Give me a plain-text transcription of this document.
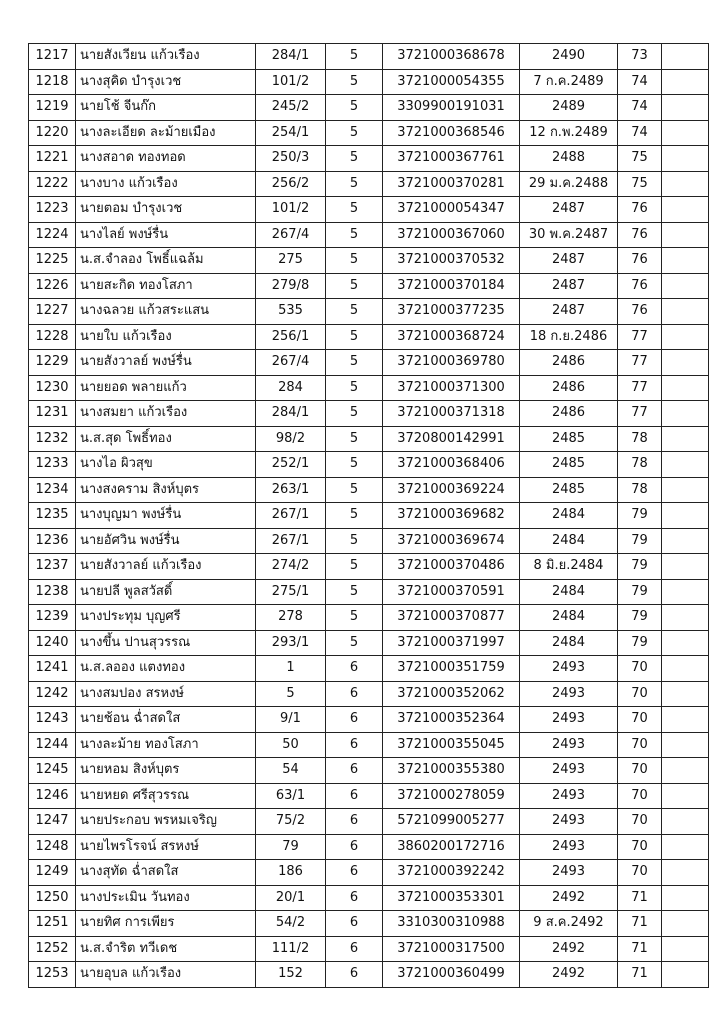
1217	นายสังเวียน แก้วเรือง	284/1	5	3721000368678	2490	73	
1218	นางสุคิด บำรุงเวช	101/2	5	3721000054355	7 ก.ค.2489	74	
1219	นายโช้ จีนก๊ก	245/2	5	3309900191031	2489	74	
1220	นางละเอียด ละม้ายเมือง	254/1	5	3721000368546	12 ก.พ.2489	74	
1221	นางสอาด ทองทอด	250/3	5	3721000367761	2488	75	
1222	นางบาง แก้วเรือง	256/2	5	3721000370281	29 ม.ค.2488	75	
1223	นายตอม บำรุงเวช	101/2	5	3721000054347	2487	76	
1224	นางไลย์ พงษ์รื่น	267/4	5	3721000367060	30 พ.ค.2487	76	
1225	น.ส.จำลอง โพธิ์แฉล้ม	275	5	3721000370532	2487	76	
1226	นายสะกิด ทองโสภา	279/8	5	3721000370184	2487	76	
1227	นางฉลวย แก้วสระแสน	535	5	3721000377235	2487	76	
1228	นายใบ แก้วเรือง	256/1	5	3721000368724	18 ก.ย.2486	77	
1229	นายสังวาลย์ พงษ์รื่น	267/4	5	3721000369780	2486	77	
1230	นายยอด พลายแก้ว	284	5	3721000371300	2486	77	
1231	นางสมยา แก้วเรือง	284/1	5	3721000371318	2486	77	
1232	น.ส.สุด โพธิ์ทอง	98/2	5	3720800142991	2485	78	
1233	นางไอ ผิวสุข	252/1	5	3721000368406	2485	78	
1234	นางสงคราม สิงห์บุตร	263/1	5	3721000369224	2485	78	
1235	นางบุญมา พงษ์รื่น	267/1	5	3721000369682	2484	79	
1236	นายอัศวิน พงษ์รื่น	267/1	5	3721000369674	2484	79	
1237	นายสังวาลย์ แก้วเรือง	274/2	5	3721000370486	8 มิ.ย.2484	79	
1238	นายปลี พูลสวัสดิ์	275/1	5	3721000370591	2484	79	
1239	นางประทุม บุญศรี	278	5	3721000370877	2484	79	
1240	นางขึ้น ปานสุวรรณ	293/1	5	3721000371997	2484	79	
1241	น.ส.ลออง แตงทอง	1	6	3721000351759	2493	70	
1242	นางสมปอง สรหงษ์	5	6	3721000352062	2493	70	
1243	นายช้อน ฉ่ำสดใส	9/1	6	3721000352364	2493	70	
1244	นางละม้าย ทองโสภา	50	6	3721000355045	2493	70	
1245	นายหอม สิงห์บุตร	54	6	3721000355380	2493	70	
1246	นายหยด ศรีสุวรรณ	63/1	6	3721000278059	2493	70	
1247	นายประกอบ พรหมเจริญ	75/2	6	5721099005277	2493	70	
1248	นายไพรโรจน์ สรหงษ์	79	6	3860200172716	2493	70	
1249	นางสุทัด ฉ่ำสดใส	186	6	3721000392242	2493	70	
1250	นางประเมิน วันทอง	20/1	6	3721000353301	2492	71	
1251	นายทิศ การเพียร	54/2	6	3310300310988	9 ส.ค.2492	71	
1252	น.ส.จำริต ทวีเดช	111/2	6	3721000317500	2492	71	
1253	นายอุบล แก้วเรือง	152	6	3721000360499	2492	71	
